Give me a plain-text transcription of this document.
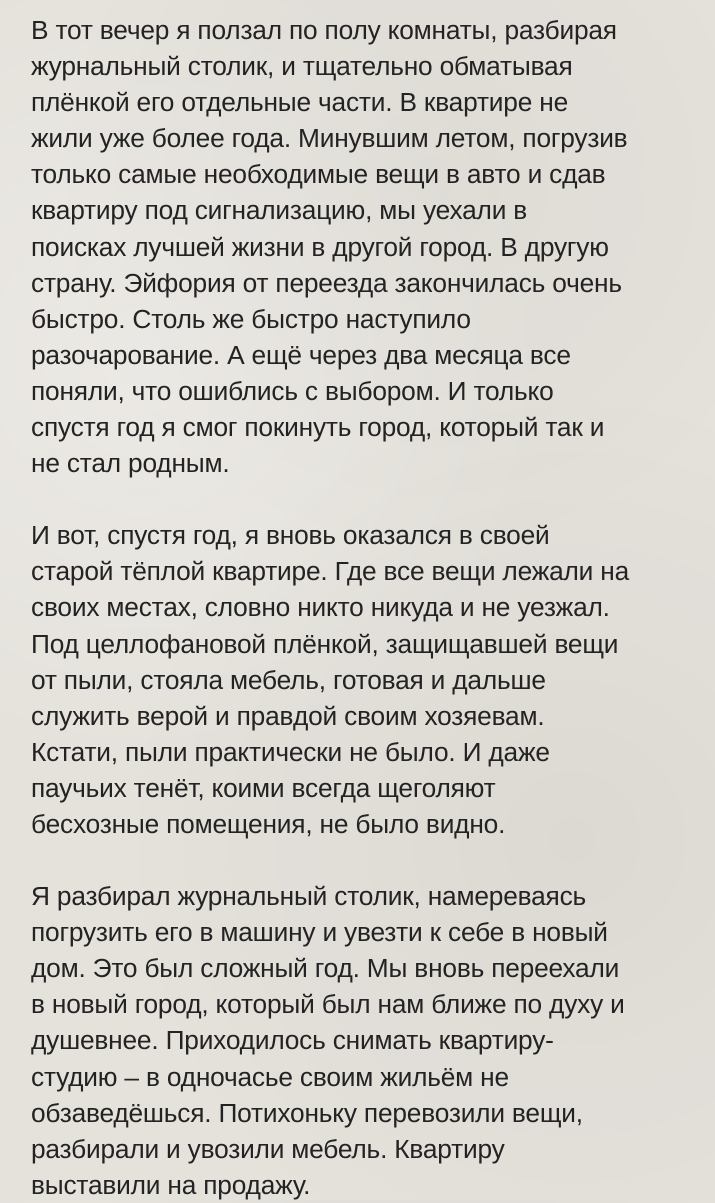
В тот вечер я ползал по полу комнаты, разбирая
журнальный столик, и тщательно обматывая
плёнкой его отдельные части. В квартире не
жили уже более года. Минувшим летом, погрузив
только самые необходимые вещи в авто и сдав
квартиру под сигнализацию, мы уехали в
поисках лучшей жизни в другой город. В другую
страну. Эйфория от переезда закончилась очень
быстро. Столь же быстро наступило
разочарование. А ещё через два месяца все
поняли, что ошиблись с выбором. И только
спустя год я смог покинуть город, который так и
не стал родным.
И вот, спустя год, я вновь оказался в своей
старой тёплой квартире. Где все вещи лежали на
своих местах, словно никто никуда и не уезжал.
Под целлофановой плёнкой, защищавшей вещи
от пыли, стояла мебель, готовая и дальше
служить верой и правдой своим хозяевам.
Кстати, пыли практически не было. И даже
паучьих тенёт, коими всегда щеголяют
бесхозные помещения, не было видно.
Я разбирал журнальный столик, намереваясь
погрузить его в машину и увезти к себе в новый
дом. Это был сложный год. Мы вновь переехали
в новый город, который был нам ближе по духу и
душевнее. Приходилось снимать квартиру-
студию – в одночасье своим жильём не
обзаведёшься. Потихоньку перевозили вещи,
разбирали и увозили мебель. Квартиру
выставили на продажу.
